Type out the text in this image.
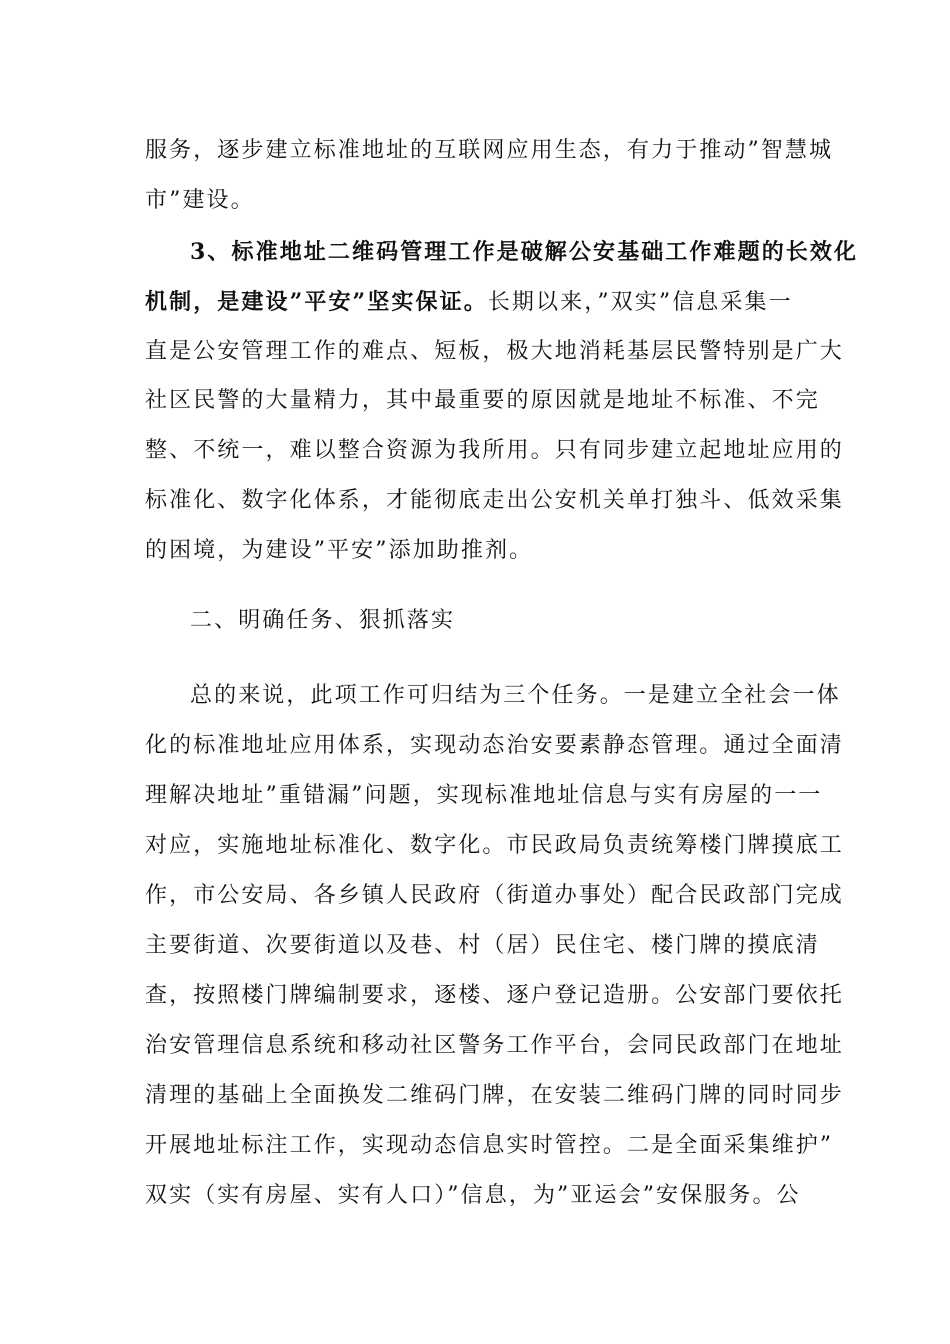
服务，逐步建立标准地址的互联网应用生态，有力于推动”智慧城
市”建设。
3、标准地址二维码管理工作是破解公安基础工作难题的长效化
机制，是建设”平安”坚实保证。长期以来，”双实”信息采集一
直是公安管理工作的难点、短板，极大地消耗基层民警特别是广大
社区民警的大量精力，其中最重要的原因就是地址不标准、不完
整、不统一，难以整合资源为我所用。只有同步建立起地址应用的
标准化、数字化体系，才能彻底走出公安机关单打独斗、低效采集
的困境，为建设”平安”添加助推剂。
二、明确任务、狠抓落实
总的来说，此项工作可归结为三个任务。一是建立全社会一体
化的标准地址应用体系，实现动态治安要素静态管理。通过全面清
理解决地址”重错漏”问题，实现标准地址信息与实有房屋的一一
对应，实施地址标准化、数字化。市民政局负责统筹楼门牌摸底工
作，市公安局、各乡镇人民政府（街道办事处）配合民政部门完成
主要街道、次要街道以及巷、村（居）民住宅、楼门牌的摸底清
查，按照楼门牌编制要求，逐楼、逐户登记造册。公安部门要依托
治安管理信息系统和移动社区警务工作平台，会同民政部门在地址
清理的基础上全面换发二维码门牌，在安装二维码门牌的同时同步
开展地址标注工作，实现动态信息实时管控。二是全面采集维护”
双实（实有房屋、实有人口）”信息，为”亚运会”安保服务。公
